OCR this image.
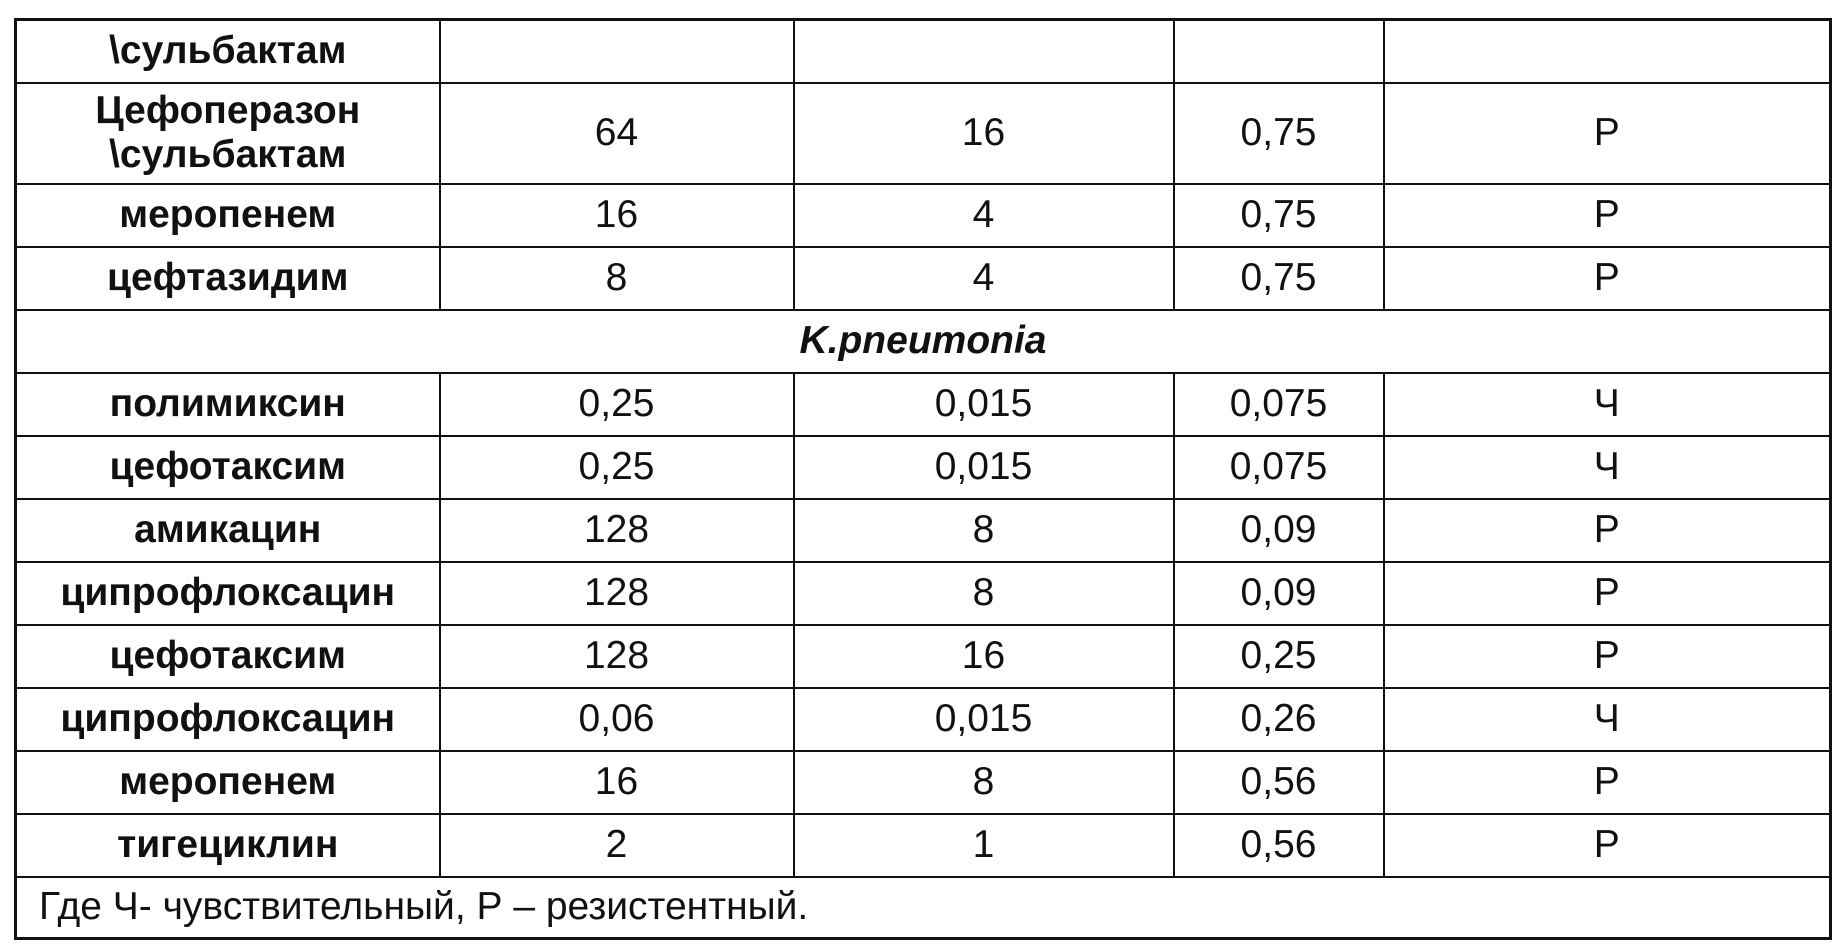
\сульбактам				
Цефоперазон \сульбактам	64	16	0,75	Р
меропенем	16	4	0,75	Р
цефтазидим	8	4	0,75	Р
K.pneumonia				
полимиксин	0,25	0,015	0,075	Ч
цефотаксим	0,25	0,015	0,075	Ч
амикацин	128	8	0,09	Р
ципрофлоксацин	128	8	0,09	Р
цефотаксим	128	16	0,25	Р
ципрофлоксацин	0,06	0,015	0,26	Ч
меропенем	16	8	0,56	Р
тигециклин	2	1	0,56	Р
Где Ч- чувствительный, Р – резистентный.				
